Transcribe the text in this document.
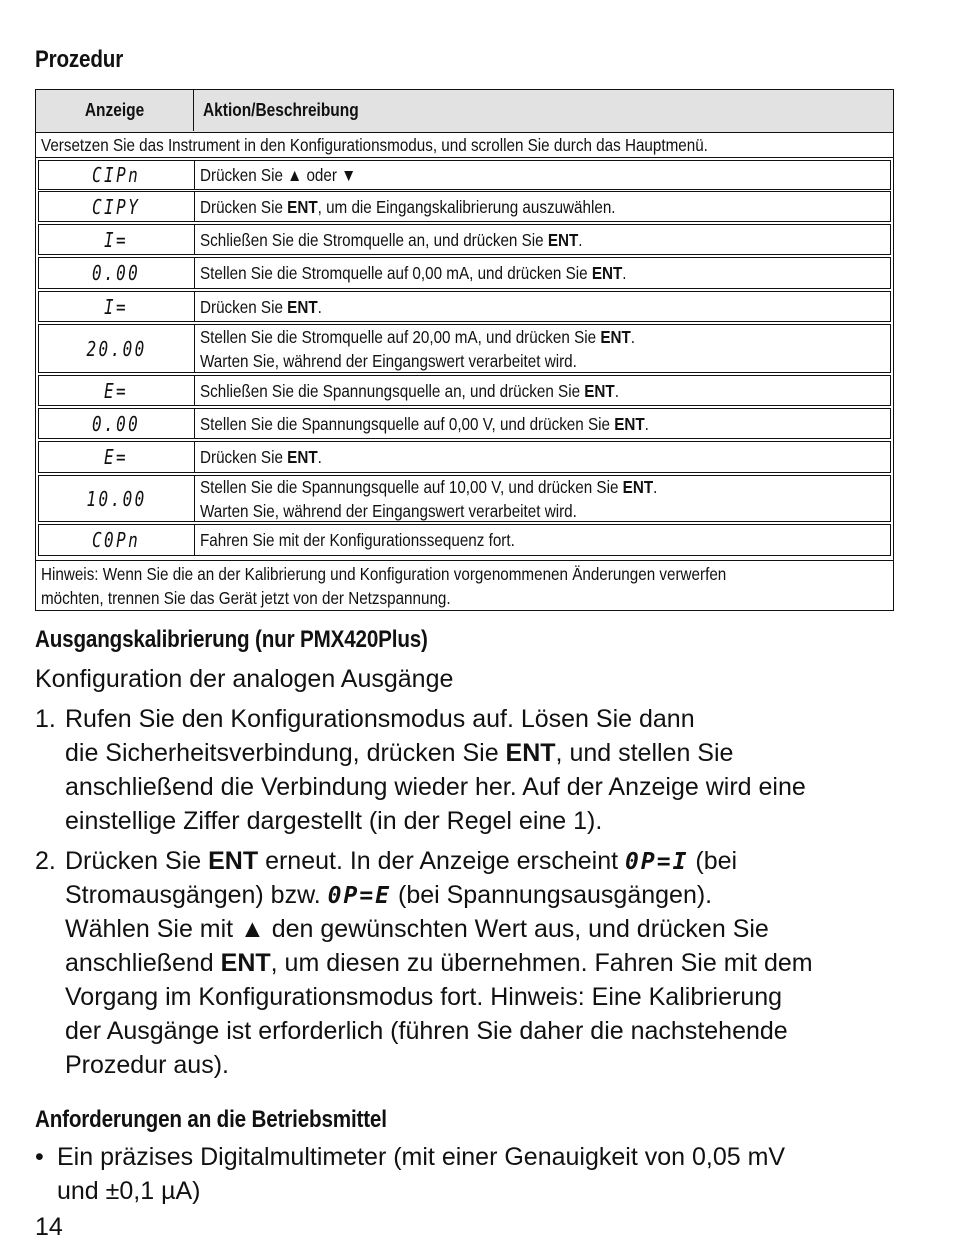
Prozedur
Anzeige	Aktion/Beschreibung
Versetzen Sie das Instrument in den Konfigurationsmodus, und scrollen Sie durch das Hauptmenü.
CIPn	Drücken Sie ▲ oder ▼
CIPY	Drücken Sie ENT, um die Eingangskalibrierung auszuwählen.
I=	Schließen Sie die Stromquelle an, und drücken Sie ENT.
0.00	Stellen Sie die Stromquelle auf 0,00 mA, und drücken Sie ENT.
I=	Drücken Sie ENT.
20.00	Stellen Sie die Stromquelle auf 20,00 mA, und drücken Sie ENT.
Warten Sie, während der Eingangswert verarbeitet wird.
E=	Schließen Sie die Spannungsquelle an, und drücken Sie ENT.
0.00	Stellen Sie die Spannungsquelle auf 0,00 V, und drücken Sie ENT.
E=	Drücken Sie ENT.
10.00	Stellen Sie die Spannungsquelle auf 10,00 V, und drücken Sie ENT.
Warten Sie, während der Eingangswert verarbeitet wird.
C0Pn	Fahren Sie mit der Konfigurationssequenz fort.
Hinweis: Wenn Sie die an der Kalibrierung und Konfiguration vorgenommenen Änderungen verwerfen
möchten, trennen Sie das Gerät jetzt von der Netzspannung.
Ausgangskalibrierung (nur PMX420Plus)
Konfiguration der analogen Ausgänge
1. Rufen Sie den Konfigurationsmodus auf. Lösen Sie dann
die Sicherheitsverbindung, drücken Sie ENT, und stellen Sie
anschließend die Verbindung wieder her. Auf der Anzeige wird eine
einstellige Ziffer dargestellt (in der Regel eine 1).
2. Drücken Sie ENT erneut. In der Anzeige erscheint 0P=I (bei
Stromausgängen) bzw. 0P=E (bei Spannungsausgängen).
Wählen Sie mit ▲ den gewünschten Wert aus, und drücken Sie
anschließend ENT, um diesen zu übernehmen. Fahren Sie mit dem
Vorgang im Konfigurationsmodus fort. Hinweis: Eine Kalibrierung
der Ausgänge ist erforderlich (führen Sie daher die nachstehende
Prozedur aus).
Anforderungen an die Betriebsmittel
• Ein präzises Digitalmultimeter (mit einer Genauigkeit von 0,05 mV
und ±0,1 µA)
14
